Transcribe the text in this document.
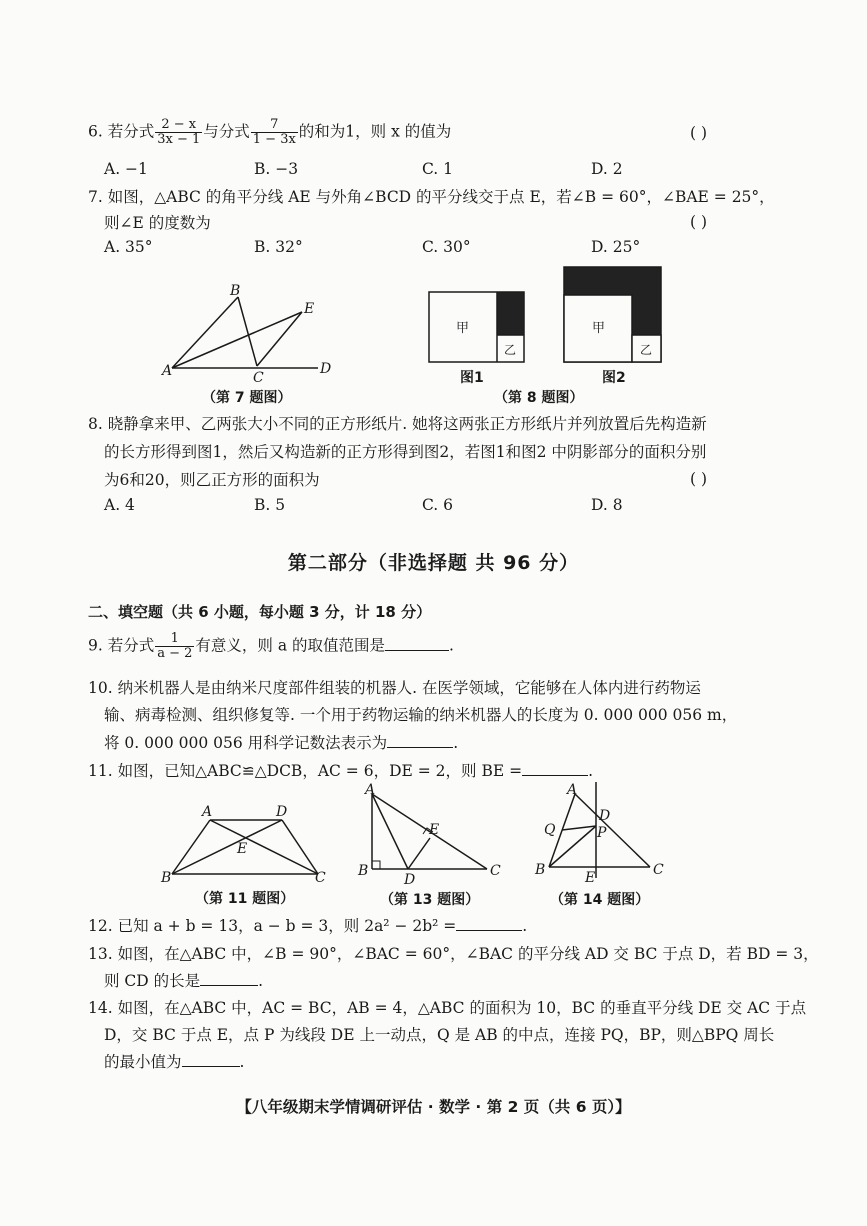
6. 若分式 $\frac{2 - x}{3x - 1}$ 与分式 $\frac{7}{1 - 3x}$ 的和为1，则 x 的值为	( )
A. −1	B. −3	C. 1	D. 2
7. 如图，△ABC 的角平分线 AE 与外角∠BCD 的平分线交于点 E，若∠B = 60°，∠BAE = 25°，
则∠E 的度数为	( )
A. 35°	B. 32°	C. 30°	D. 25°
A
B
C
D
E
（第 7 题图）
甲
乙
图1
甲
乙
图2
（第 8 题图）
8. 晓静拿来甲、乙两张大小不同的正方形纸片. 她将这两张正方形纸片并列放置后先构造新
的长方形得到图1，然后又构造新的正方形得到图2，若图1和图2 中阴影部分的面积分别
为6和20，则乙正方形的面积为	( )
A. 4	B. 5	C. 6	D. 8
第二部分（非选择题 共 96 分）
二、填空题（共 6 小题，每小题 3 分，计 18 分）
9. 若分式 $\frac{1}{a - 2}$ 有意义，则 a 的取值范围是	.
10. 纳米机器人是由纳米尺度部件组装的机器人. 在医学领域，它能够在人体内进行药物运
输、病毒检测、组织修复等. 一个用于药物运输的纳米机器人的长度为 0. 000 000 056 m，
将 0. 000 000 056 用科学记数法表示为	.
11. 如图，已知△ABC≌△DCB，AC = 6，DE = 2，则 BE =	.
A	D
E
B	C
（第 11 题图）
A
E
B
D
C
（第 13 题图）
A
D
Q	P
B	E	C
（第 14 题图）
12. 已知 a + b = 13，a − b = 3，则 2a² − 2b² =	.
13. 如图，在△ABC 中，∠B = 90°，∠BAC = 60°，∠BAC 的平分线 AD 交 BC 于点 D，若 BD = 3，
则 CD 的长是	.
14. 如图，在△ABC 中，AC = BC，AB = 4，△ABC 的面积为 10，BC 的垂直平分线 DE 交 AC 于点
D，交 BC 于点 E，点 P 为线段 DE 上一动点，Q 是 AB 的中点，连接 PQ，BP，则△BPQ 周长
的最小值为	.
【八年级期末学情调研评估 · 数学 · 第 2 页（共 6 页）】
